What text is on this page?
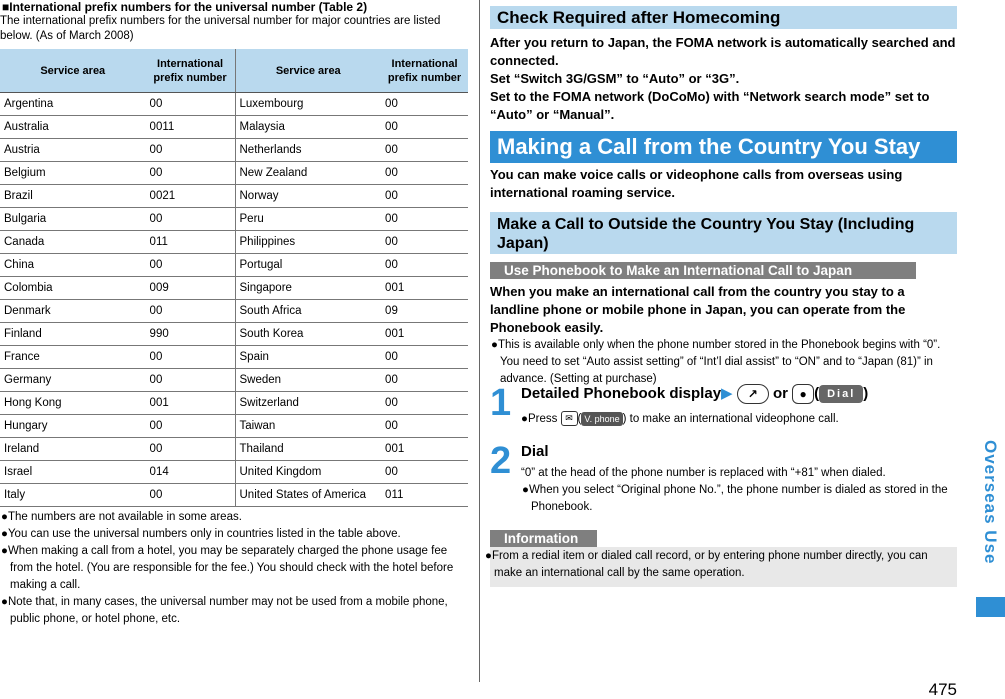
■International prefix numbers for the universal number (Table 2)
The international prefix numbers for the universal number for major countries are listed below. (As of March 2008)
Service area	International prefix number	Service area	International prefix number
Argentina	00	Luxembourg	00
Australia	0011	Malaysia	00
Austria	00	Netherlands	00
Belgium	00	New Zealand	00
Brazil	0021	Norway	00
Bulgaria	00	Peru	00
Canada	011	Philippines	00
China	00	Portugal	00
Colombia	009	Singapore	001
Denmark	00	South Africa	09
Finland	990	South Korea	001
France	00	Spain	00
Germany	00	Sweden	00
Hong Kong	001	Switzerland	00
Hungary	00	Taiwan	00
Ireland	00	Thailand	001
Israel	014	United Kingdom	00
Italy	00	United States of America	011
●The numbers are not available in some areas.
●You can use the universal numbers only in countries listed in the table above.
●When making a call from a hotel, you may be separately charged the phone usage fee from the hotel. (You are responsible for the fee.) You should check with the hotel before making a call.
●Note that, in many cases, the universal number may not be used from a mobile phone, public phone, or hotel phone, etc.
Check Required after Homecoming
After you return to Japan, the FOMA network is automatically searched and connected.
Set “Switch 3G/GSM” to “Auto” or “3G”.
Set to the FOMA network (DoCoMo) with “Network search mode” set to “Auto” or “Manual”.
Making a Call from the Country You Stay
You can make voice calls or videophone calls from overseas using international roaming service.
Make a Call to Outside the Country You Stay (Including Japan)
Use Phonebook to Make an International Call to Japan
When you make an international call from the country you stay to a landline phone or mobile phone in Japan, you can operate from the Phonebook easily.
●This is available only when the phone number stored in the Phonebook begins with “0”. You need to set “Auto assist setting” of “Int’l dial assist” to “ON” and to “Japan (81)” in advance. (Setting at purchase)
1 Detailed Phonebook display▶ ↗ or ● ( Dial )
●Press ✉ ( V. phone ) to make an international videophone call.
2 Dial
“0” at the head of the phone number is replaced with “+81” when dialed.
●When you select “Original phone No.”, the phone number is dialed as stored in the Phonebook.
Information
●From a redial item or dialed call record, or by entering phone number directly, you can make an international call by the same operation.
Overseas Use
475
